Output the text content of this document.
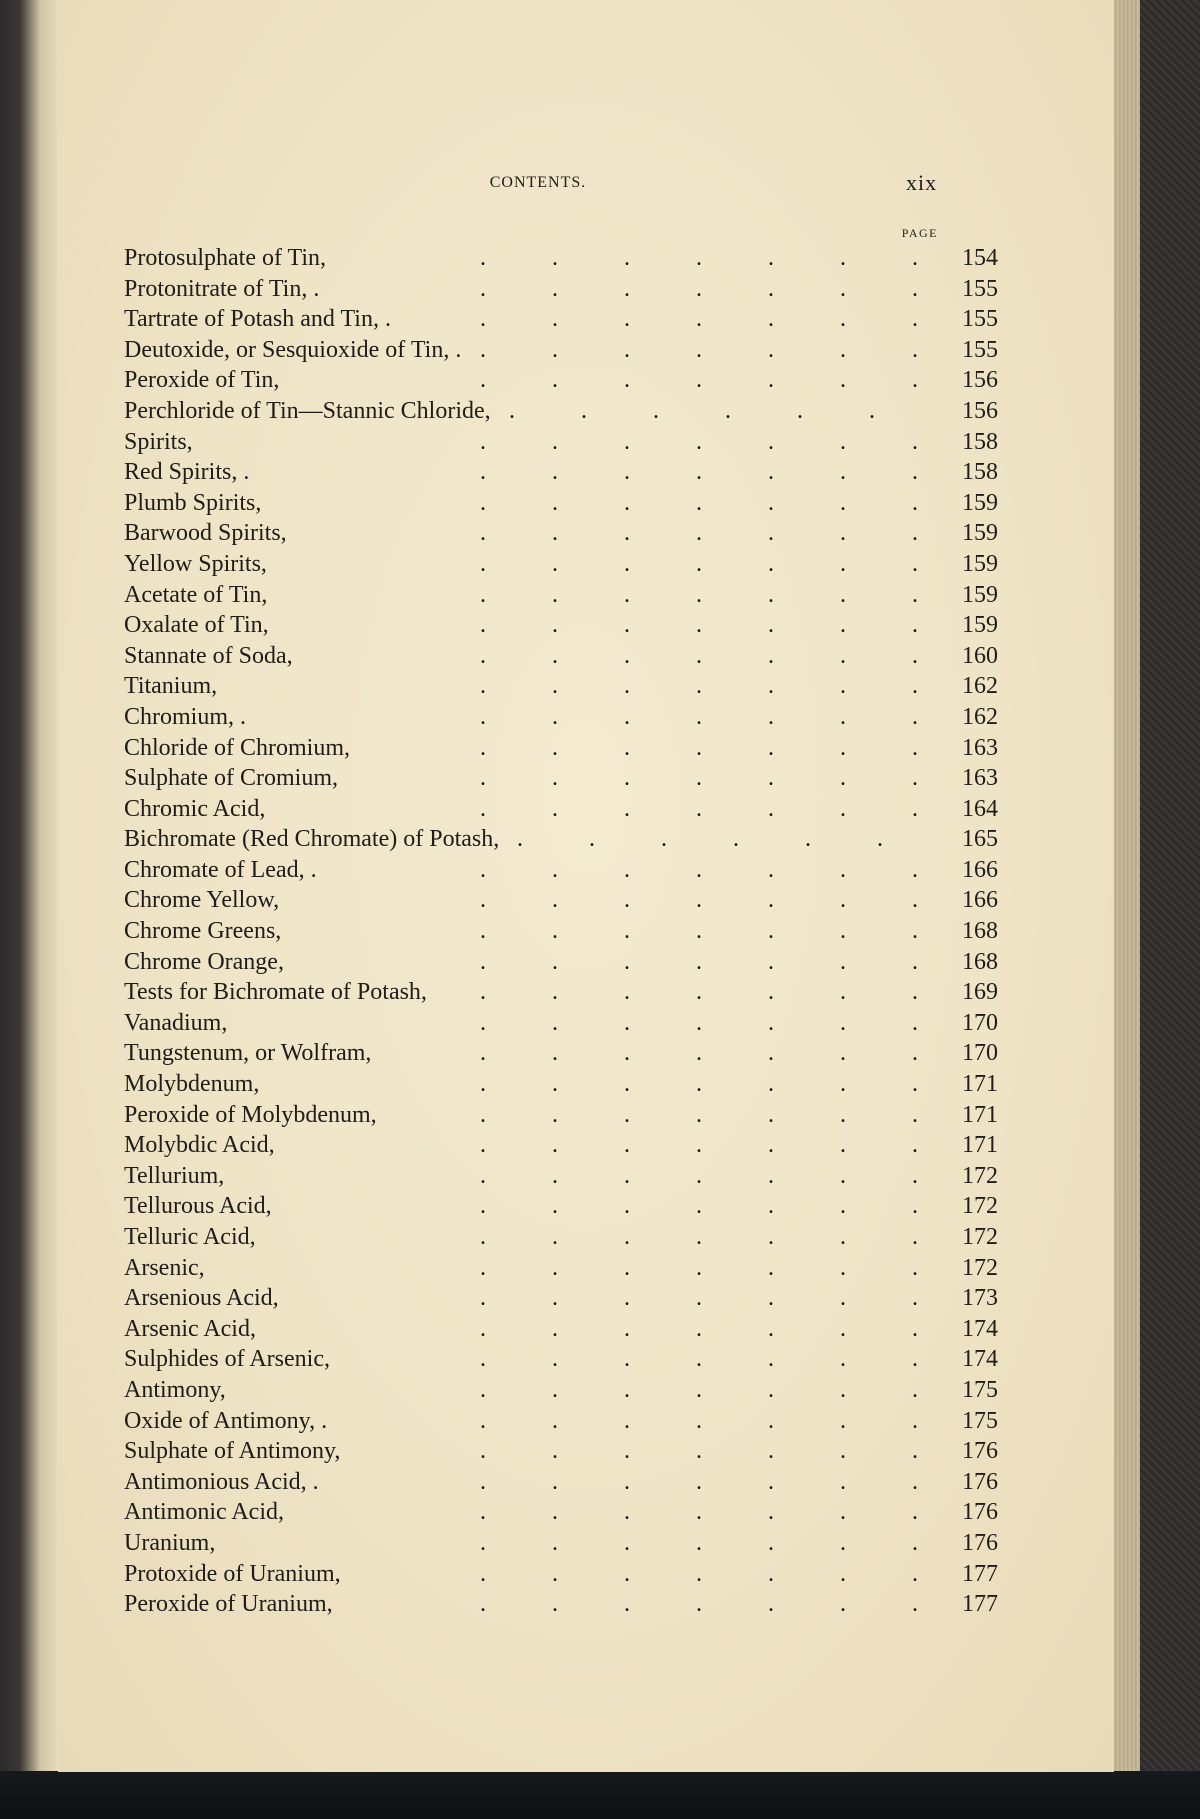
CONTENTS.	xix
PAGE
.
Protosulphate of Tin,	154
.
Protonitrate of Tin, .	155
.
Tartrate of Potash and Tin, .	155
.
Deutoxide, or Sesquioxide of Tin, .	155
.
Peroxide of Tin,	156
.
Perchloride of Tin—Stannic Chloride,	156
.
Spirits,	158
.
Red Spirits, .	158
.
Plumb Spirits,	159
.
Barwood Spirits,	159
.
Yellow Spirits,	159
.
Acetate of Tin,	159
.
Oxalate of Tin,	159
.
Stannate of Soda,	160
.
Titanium,	162
.
Chromium, .	162
.
Chloride of Chromium,	163
.
Sulphate of Cromium,	163
.
Chromic Acid,	164
.
Bichromate (Red Chromate) of Potash,	165
.
Chromate of Lead, .	166
.
Chrome Yellow,	166
.
Chrome Greens,	168
.
Chrome Orange,	168
.
Tests for Bichromate of Potash,	169
.
Vanadium,	170
.
Tungstenum, or Wolfram,	170
.
Molybdenum,	171
.
Peroxide of Molybdenum,	171
.
Molybdic Acid,	171
.
Tellurium,	172
.
Tellurous Acid,	172
.
Telluric Acid,	172
.
Arsenic,	172
.
Arsenious Acid,	173
.
Arsenic Acid,	174
.
Sulphides of Arsenic,	174
.
Antimony,	175
.
Oxide of Antimony, .	175
.
Sulphate of Antimony,	176
.
Antimonious Acid, .	176
.
Antimonic Acid,	176
.
Uranium,	176
.
Protoxide of Uranium,	177
.
Peroxide of Uranium,	177
